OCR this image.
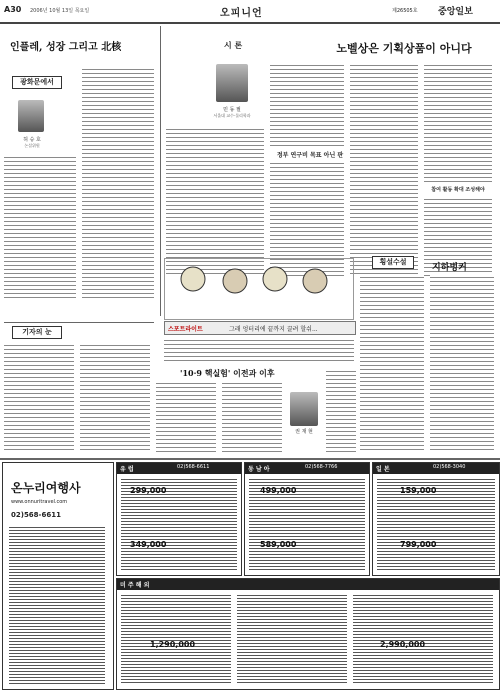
A30 2006년 10월 13일 목요일	오피니언	제26505호 중앙일보
인플레, 성장 그리고 北核
광화문에서
허 승 호
논설위원
시 론	노벨상은 기획상품이 아니다
민 동 필
서울대 교수·물리학과
정부 연구비 목표 아닌 판
참여 활동 확대 조성해야
횡설수설
지하벙커
스포트라이트	그래 엉터리에 끝까지 끌려 할쉬...
기자의 눈
'10·9 핵실험' 이전과 이후
권 재 현
온누리여행사
www.onnuritravel.com
02)568-6611
유 럽	02)568-6611	동 남 아	02)568-7766	일 본	02)568-3040
미 주 해 외
299,000	499,000	159,000
349,000	589,000	799,000
1,290,000	2,990,000
